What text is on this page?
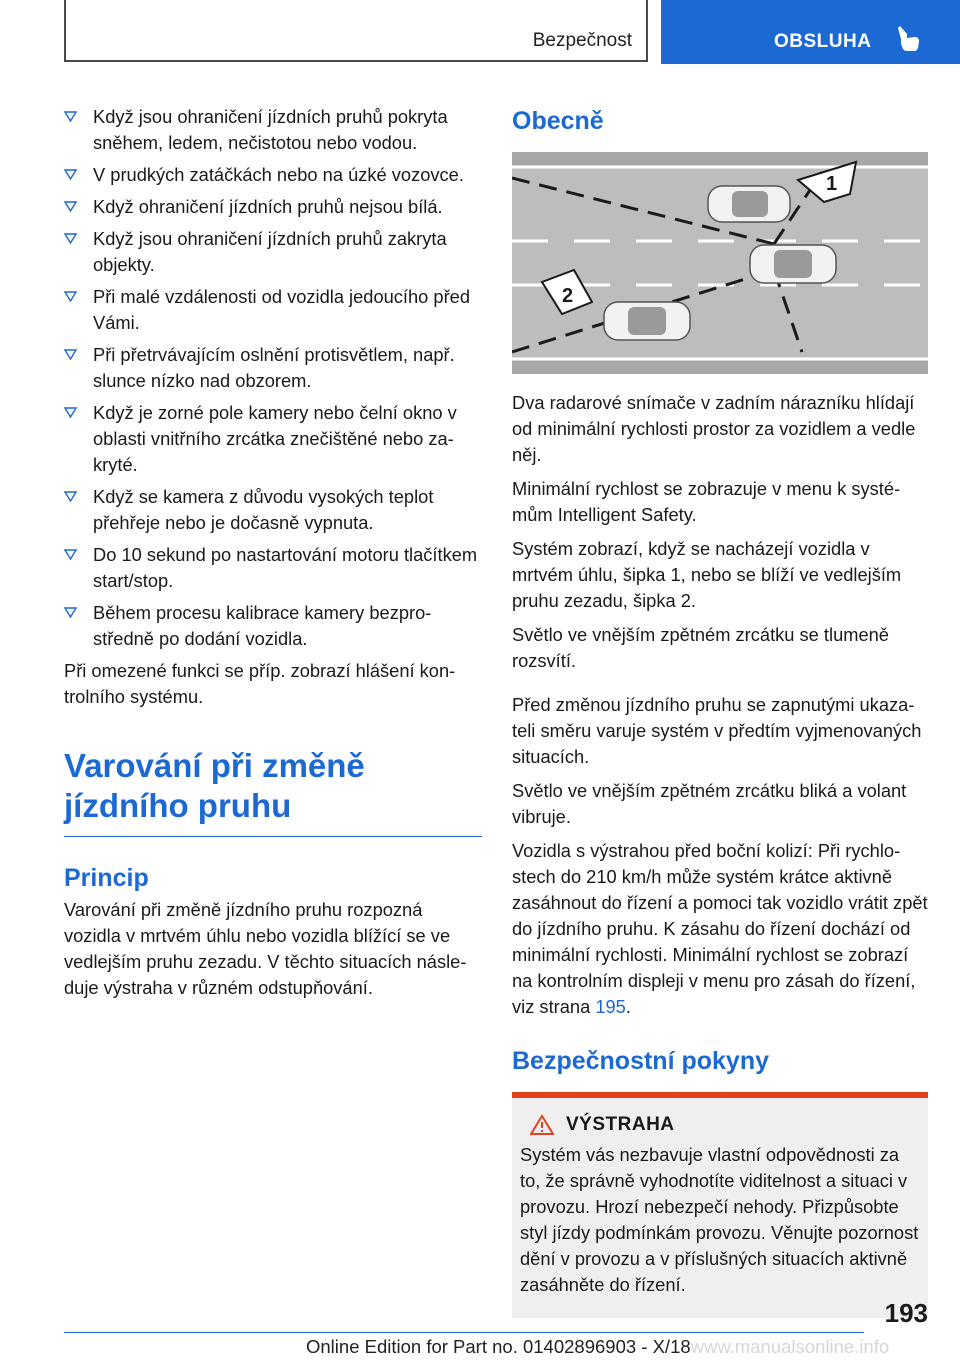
Bezpečnost	OBSLUHA
Když jsou ohraničení jízdních pruhů pokryta sněhem, ledem, nečistotou nebo vodou.
V prudkých zatáčkách nebo na úzké vozovce.
Když ohraničení jízdních pruhů nejsou bílá.
Když jsou ohraničení jízdních pruhů zakryta objekty.
Při malé vzdálenosti od vozidla jedoucího před Vámi.
Při přetrvávajícím oslnění protisvětlem, např. slunce nízko nad obzorem.
Když je zorné pole kamery nebo čelní okno v oblasti vnitřního zrcátka znečištěné nebo zakryté.
Když se kamera z důvodu vysokých teplot přehřeje nebo je dočasně vypnuta.
Do 10 sekund po nastartování motoru tlačítkem start/stop.
Během procesu kalibrace kamery bezprostředně po dodání vozidla.

Při omezené funkci se příp. zobrazí hlášení kontrolního systému.

Varování při změně jízdního pruhu
Princip

Varování při změně jízdního pruhu rozpozná vozidla v mrtvém úhlu nebo vozidla blížící se ve vedlejším pruhu zezadu. V těchto situacích následuje výstraha v různém odstupňování.

Obecně
1
2

Dva radarové snímače v zadním nárazníku hlídají od minimální rychlosti prostor za vozidlem a vedle něj.

Minimální rychlost se zobrazuje v menu k systémům Intelligent Safety.

Systém zobrazí, když se nacházejí vozidla v mrtvém úhlu, šipka 1, nebo se blíží ve vedlejším pruhu zezadu, šipka 2.

Světlo ve vnějším zpětném zrcátku se tlumeně rozsvítí.

Před změnou jízdního pruhu se zapnutými ukazateli směru varuje systém v předtím vyjmenovaných situacích.

Světlo ve vnějším zpětném zrcátku bliká a volant vibruje.

Vozidla s výstrahou před boční kolizí: Při rychlostech do 210 km/h může systém krátce aktivně zasáhnout do řízení a pomoci tak vozidlo vrátit zpět do jízdního pruhu. K zásahu do řízení dochází od minimální rychlosti. Minimální rychlost se zobrazí na kontrolním displeji v menu pro zásah do řízení, viz strana 195.

Bezpečnostní pokyny
VÝSTRAHA

Systém vás nezbavuje vlastní odpovědnosti za to, že správně vyhodnotíte viditelnost a situaci v provozu. Hrozí nebezpečí nehody. Přizpůsobte styl jízdy podmínkám provozu. Věnujte pozornost dění v provozu a v příslušných situacích aktivně zasáhněte do řízení.

193
Online Edition for Part no. 01402896903 - X/18www.manualsonline.info
